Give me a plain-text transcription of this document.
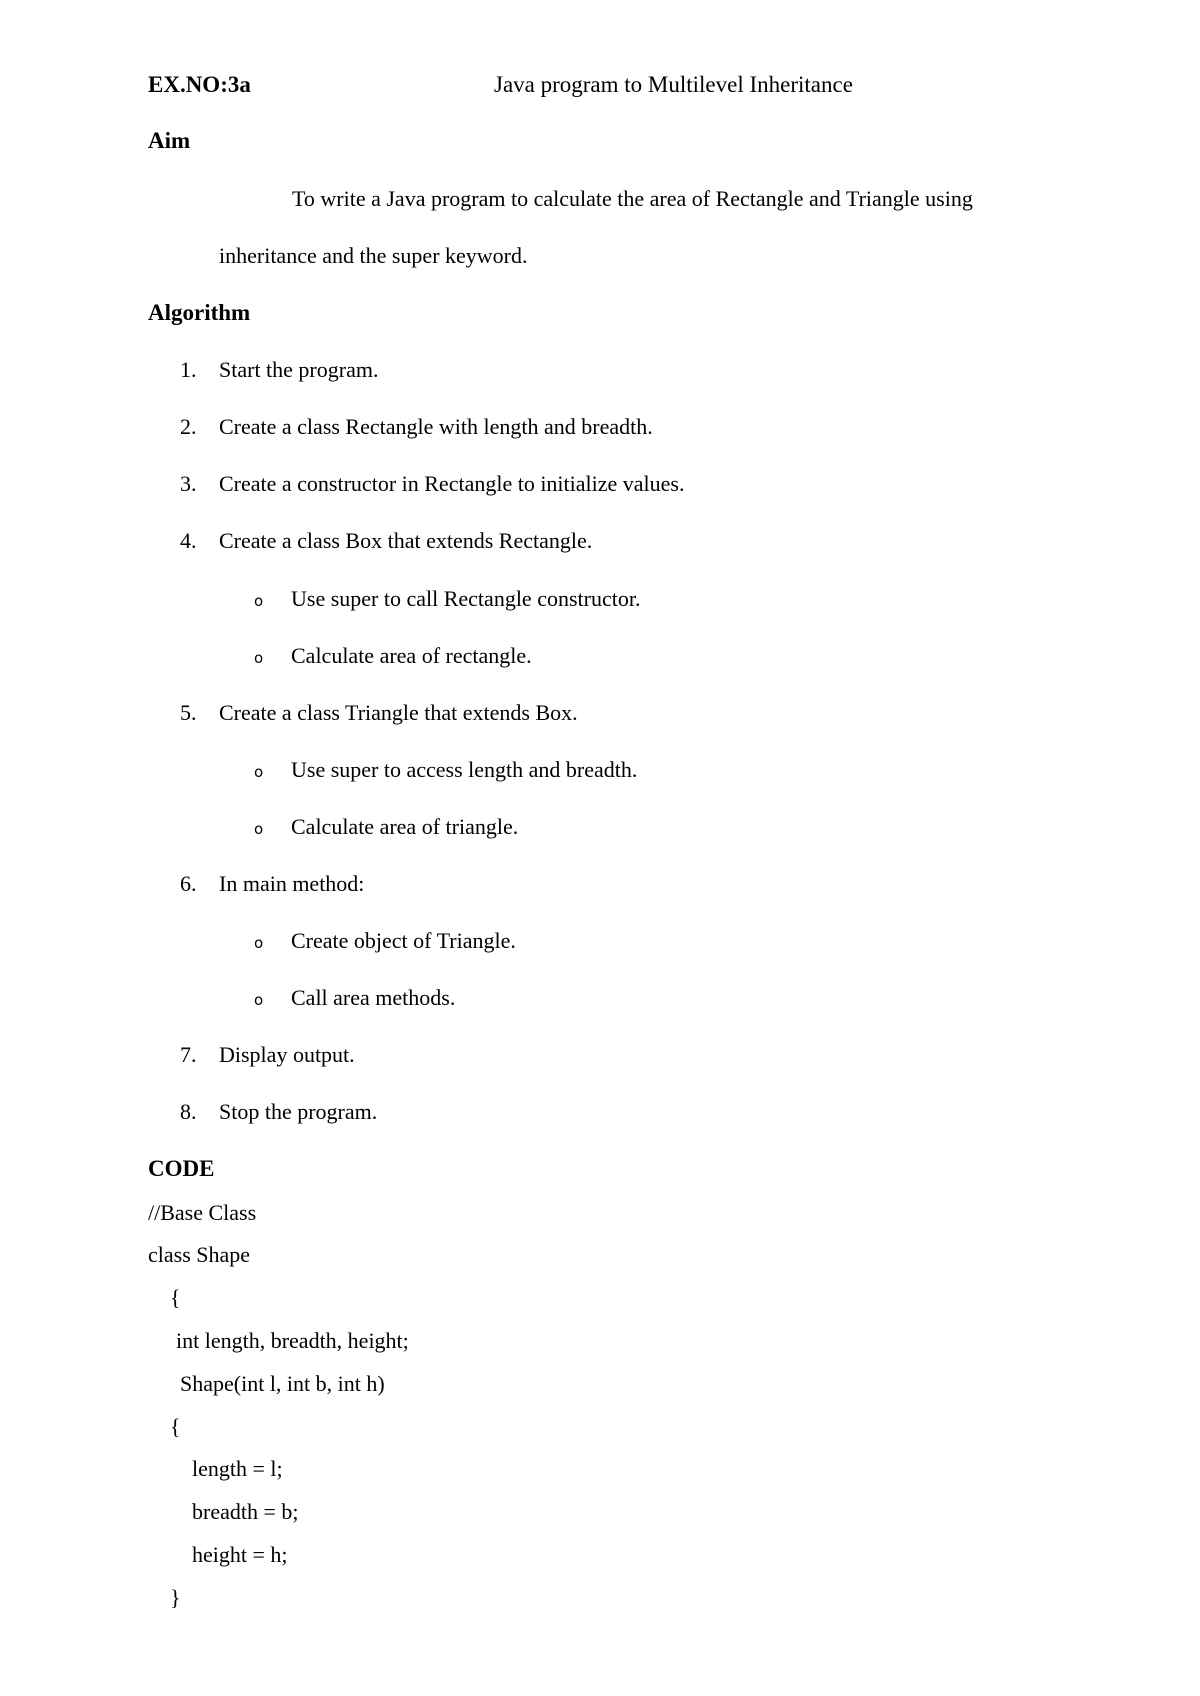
EX.NO:3a	Java program to Multilevel Inheritance
Aim
To write a Java program to calculate the area of Rectangle and Triangle using
inheritance and the super keyword.
Algorithm
1.	Start the program.
2.	Create a class Rectangle with length and breadth.
3.	Create a constructor in Rectangle to initialize values.
4.	Create a class Box that extends Rectangle.
o	Use super to call Rectangle constructor.
o	Calculate area of rectangle.
5.	Create a class Triangle that extends Box.
o	Use super to access length and breadth.
o	Calculate area of triangle.
6.	In main method:
o	Create object of Triangle.
o	Call area methods.
7.	Display output.
8.	Stop the program.
CODE
//Base Class
class Shape
{
int length, breadth, height;
Shape(int l, int b, int h)
{
length = l;
breadth = b;
height = h;
}
